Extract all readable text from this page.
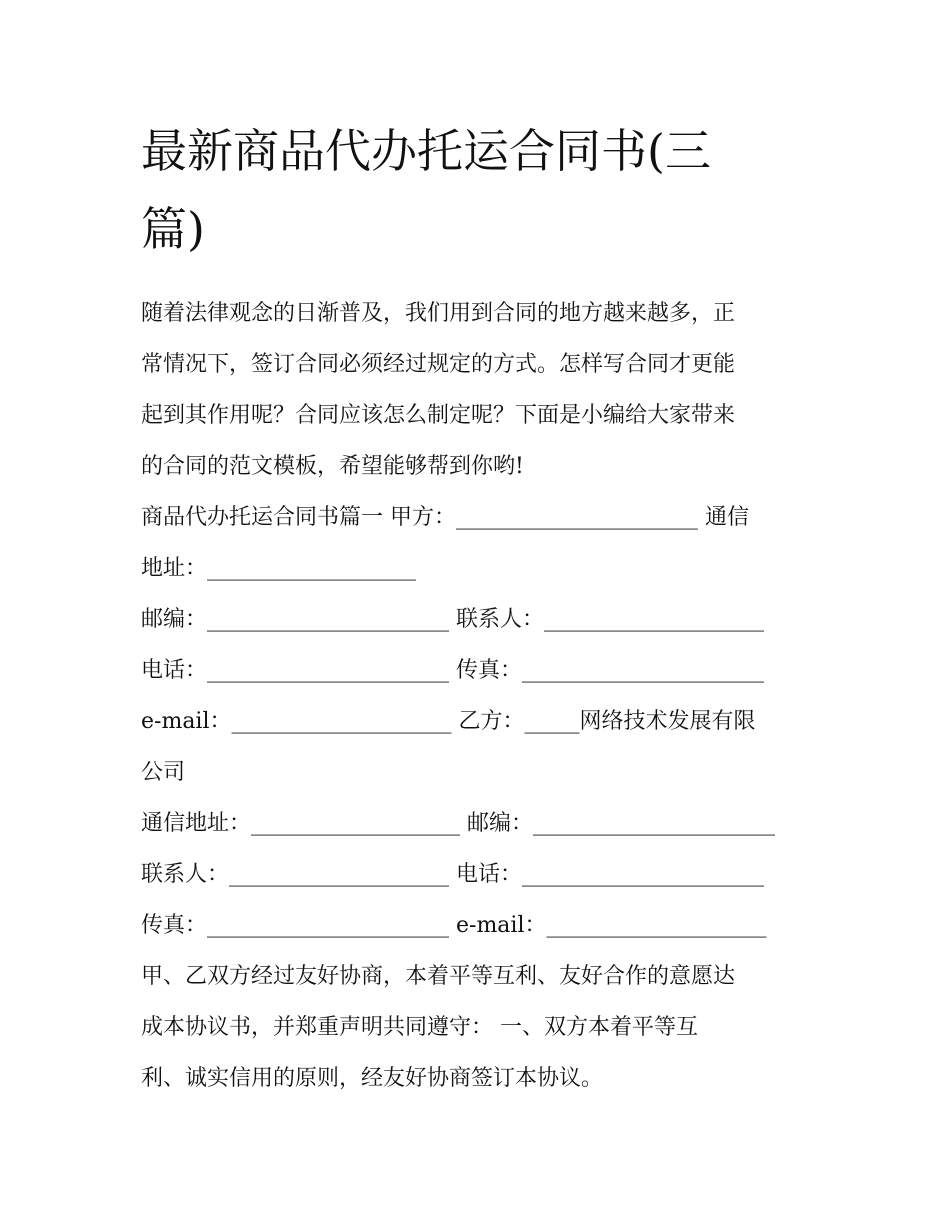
最新商品代办托运合同书(三
篇)

随着法律观念的日渐普及，我们用到合同的地方越来越多，正

常情况下，签订合同必须经过规定的方式。怎样写合同才更能

起到其作用呢？合同应该怎么制定呢？下面是小编给大家带来

的合同的范文模板，希望能够帮到你哟!

商品代办托运合同书篇一 甲方：______________________ 通信

地址：___________________

邮编：______________________ 联系人：____________________

电话：______________________ 传真：______________________

e-mail：____________________ 乙方：_____网络技术发展有限

公司

通信地址：___________________ 邮编：______________________

联系人：____________________ 电话：______________________

传真：______________________ e-mail：____________________

甲、乙双方经过友好协商，本着平等互利、友好合作的意愿达

成本协议书，并郑重声明共同遵守： 一、双方本着平等互

利、诚实信用的原则，经友好协商签订本协议。
